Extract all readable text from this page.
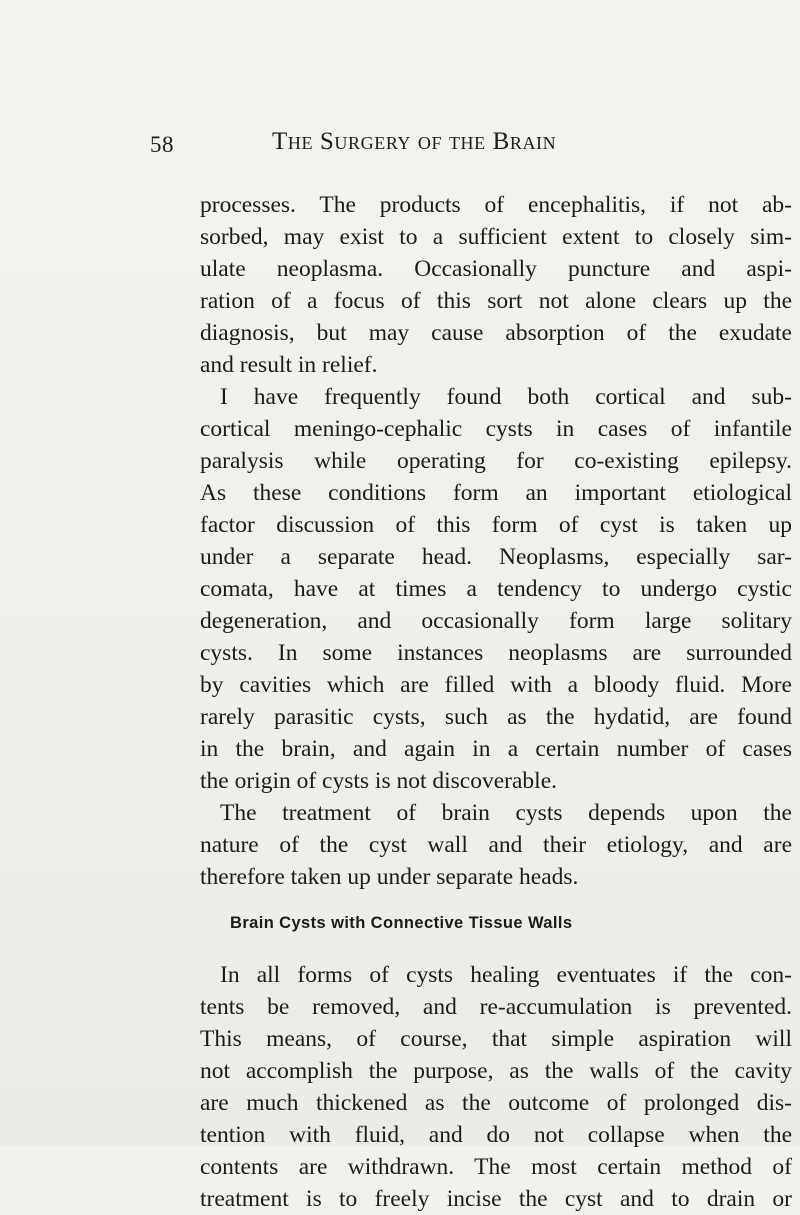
58	The Surgery of the Brain
processes. The products of encephalitis, if not ab-
sorbed, may exist to a sufficient extent to closely sim-
ulate neoplasma. Occasionally puncture and aspi-
ration of a focus of this sort not alone clears up the
diagnosis, but may cause absorption of the exudate
and result in relief.
I have frequently found both cortical and sub-
cortical meningo-cephalic cysts in cases of infantile
paralysis while operating for co-existing epilepsy.
As these conditions form an important etiological
factor discussion of this form of cyst is taken up
under a separate head. Neoplasms, especially sar-
comata, have at times a tendency to undergo cystic
degeneration, and occasionally form large solitary
cysts. In some instances neoplasms are surrounded
by cavities which are filled with a bloody fluid. More
rarely parasitic cysts, such as the hydatid, are found
in the brain, and again in a certain number of cases
the origin of cysts is not discoverable.
The treatment of brain cysts depends upon the
nature of the cyst wall and their etiology, and are
therefore taken up under separate heads.
Brain Cysts with Connective Tissue Walls
In all forms of cysts healing eventuates if the con-
tents be removed, and re-accumulation is prevented.
This means, of course, that simple aspiration will
not accomplish the purpose, as the walls of the cavity
are much thickened as the outcome of prolonged dis-
tention with fluid, and do not collapse when the
contents are withdrawn. The most certain method of
treatment is to freely incise the cyst and to drain or
